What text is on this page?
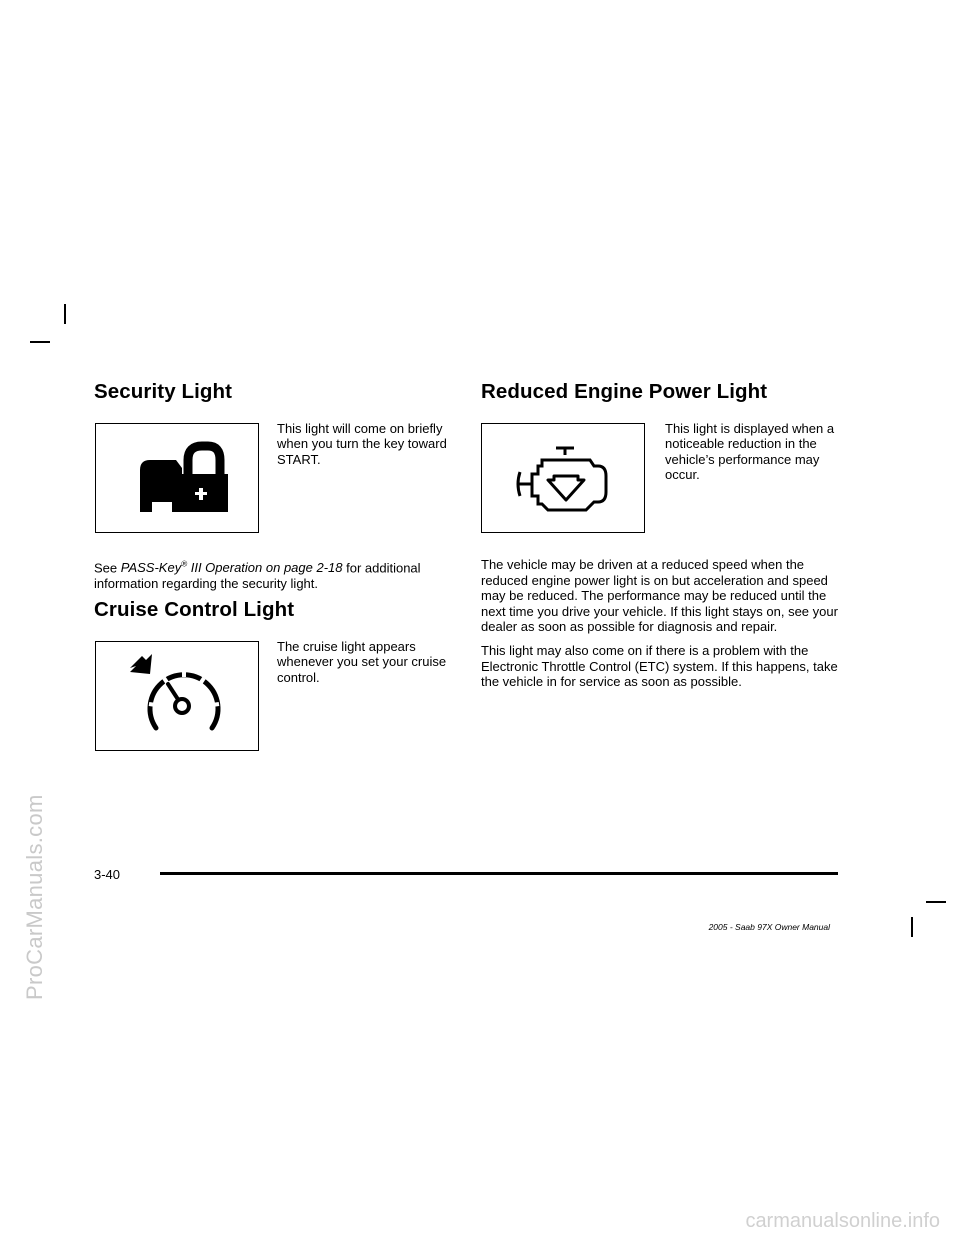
ProCarManuals.com
Security Light
This light will come on briefly when you turn the key toward START.
See PASS-Key® III Operation on page 2-18 for additional information regarding the security light.
Cruise Control Light
The cruise light appears whenever you set your cruise control.
Reduced Engine Power Light
This light is displayed when a noticeable reduction in the vehicle’s performance may occur.

The vehicle may be driven at a reduced speed when the reduced engine power light is on but acceleration and speed may be reduced. The performance may be reduced until the next time you drive your vehicle. If this light stays on, see your dealer as soon as possible for diagnosis and repair.

This light may also come on if there is a problem with the Electronic Throttle Control (ETC) system. If this happens, take the vehicle in for service as soon as possible.

3-40
2005 - Saab 97X Owner Manual
carmanualsonline.info
